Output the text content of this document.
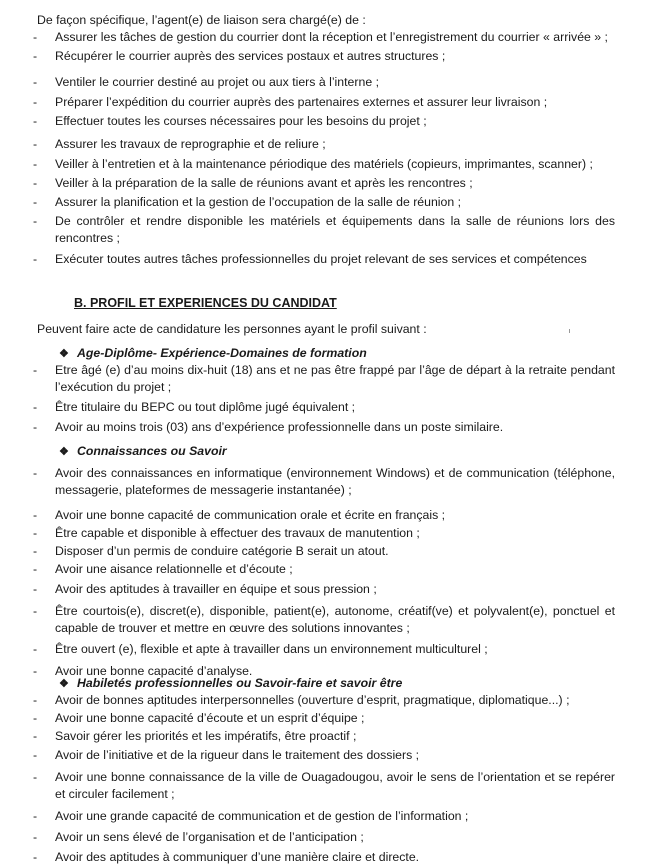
De façon spécifique, l’agent(e) de liaison sera chargé(e) de :
- Assurer les tâches de gestion du courrier dont la réception et l’enregistrement du courrier « arrivée » ;
- Récupérer le courrier auprès des services postaux et autres structures ;
- Ventiler le courrier destiné au projet ou aux tiers à l’interne ;
- Préparer l’expédition du courrier auprès des partenaires externes et assurer leur livraison ;
- Effectuer toutes les courses nécessaires pour les besoins du projet ;
- Assurer les travaux de reprographie et de reliure ;
- Veiller à l’entretien et à la maintenance périodique des matériels (copieurs, imprimantes, scanner) ;
- Veiller à la préparation de la salle de réunions avant et après les rencontres ;
- Assurer la planification et la gestion de l’occupation de la salle de réunion ;
- De contrôler et rendre disponible les matériels et équipements dans la salle de réunions lors des rencontres ;
- Exécuter toutes autres tâches professionnelles du projet relevant de ses services et compétences
B. PROFIL ET EXPERIENCES DU CANDIDAT
Peuvent faire acte de candidature les personnes ayant le profil suivant :
❖ Age-Diplôme- Expérience-Domaines de formation
- Etre âgé (e) d’au moins dix-huit (18) ans et ne pas être frappé par l’âge de départ à la retraite pendant l’exécution du projet ;
- Être titulaire du BEPC ou tout diplôme jugé équivalent ;
- Avoir au moins trois (03) ans d’expérience professionnelle dans un poste similaire.
❖ Connaissances ou Savoir
- Avoir des connaissances en informatique (environnement Windows) et de communication (téléphone, messagerie, plateformes de messagerie instantanée) ;
- Avoir une bonne capacité de communication orale et écrite en français ;
- Être capable et disponible à effectuer des travaux de manutention ;
- Disposer d’un permis de conduire catégorie B serait un atout.
- Avoir une aisance relationnelle et d’écoute ;
- Avoir des aptitudes à travailler en équipe et sous pression ;
- Être courtois(e), discret(e), disponible, patient(e), autonome, créatif(ve) et polyvalent(e), ponctuel et capable de trouver et mettre en œuvre des solutions innovantes ;
- Être ouvert (e), flexible et apte à travailler dans un environnement multiculturel ;
- Avoir une bonne capacité d’analyse.
❖ Habiletés professionnelles ou Savoir-faire et savoir être
- Avoir de bonnes aptitudes interpersonnelles (ouverture d’esprit, pragmatique, diplomatique...) ;
- Avoir une bonne capacité d’écoute et un esprit d’équipe ;
- Savoir gérer les priorités et les impératifs, être proactif ;
- Avoir de l’initiative et de la rigueur dans le traitement des dossiers ;
- Avoir une bonne connaissance de la ville de Ouagadougou, avoir le sens de l’orientation et se repérer et circuler facilement ;
- Avoir une grande capacité de communication et de gestion de l’information ;
- Avoir un sens élevé de l’organisation et de l’anticipation ;
- Avoir des aptitudes à communiquer d’une manière claire et directe.
